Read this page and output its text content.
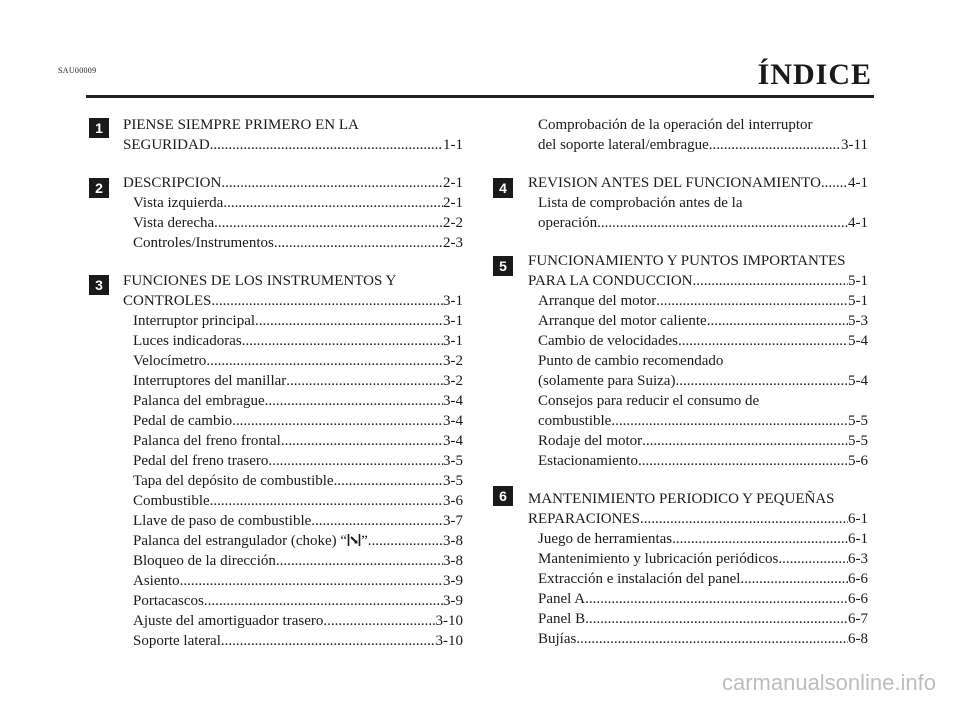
SAU00009	ÍNDICE
1
2
3
4
5
6
PIENSE SIEMPRE PRIMERO EN LA
SEGURIDAD .....	1-1
DESCRIPCION .....	2-1
Vista izquierda .....	2-1
Vista derecha .....	2-2
Controles/Instrumentos .....	2-3
FUNCIONES DE LOS INSTRUMENTOS Y
CONTROLES .....	3-1
Interruptor principal .....	3-1
Luces indicadoras .....	3-1
Velocímetro .....	3-2
Interruptores del manillar .....	3-2
Palanca del embrague .....	3-4
Pedal de cambio .....	3-4
Palanca del freno frontal .....	3-4
Pedal del freno trasero .....	3-5
Tapa del depósito de combustible .....	3-5
Combustible .....	3-6
Llave de paso de combustible .....	3-7
Palanca del estrangulador (choke) “ ” .....	3-8
Bloqueo de la dirección .....	3-8
Asiento .....	3-9
Portacascos .....	3-9
Ajuste del amortiguador trasero .....	3-10
Soporte lateral .....	3-10
Comprobación de la operación del interruptor
del soporte lateral/embrague .....	3-11
REVISION ANTES DEL FUNCIONAMIENTO ..... 4-1
Lista de comprobación antes de la
operación .....	4-1
FUNCIONAMIENTO Y PUNTOS IMPORTANTES
PARA LA CONDUCCION .....	5-1
Arranque del motor .....	5-1
Arranque del motor caliente .....	5-3
Cambio de velocidades .....	5-4
Punto de cambio recomendado
(solamente para Suiza) .....	5-4
Consejos para reducir el consumo de
combustible .....	5-5
Rodaje del motor .....	5-5
Estacionamiento .....	5-6
MANTENIMIENTO PERIODICO Y PEQUEÑAS
REPARACIONES .....	6-1
Juego de herramientas .....	6-1
Mantenimiento y lubricación periódicos .....	6-3
Extracción e instalación del panel .....	6-6
Panel A .....	6-6
Panel B .....	6-7
Bujías .....	6-8
carmanualsonline.info
